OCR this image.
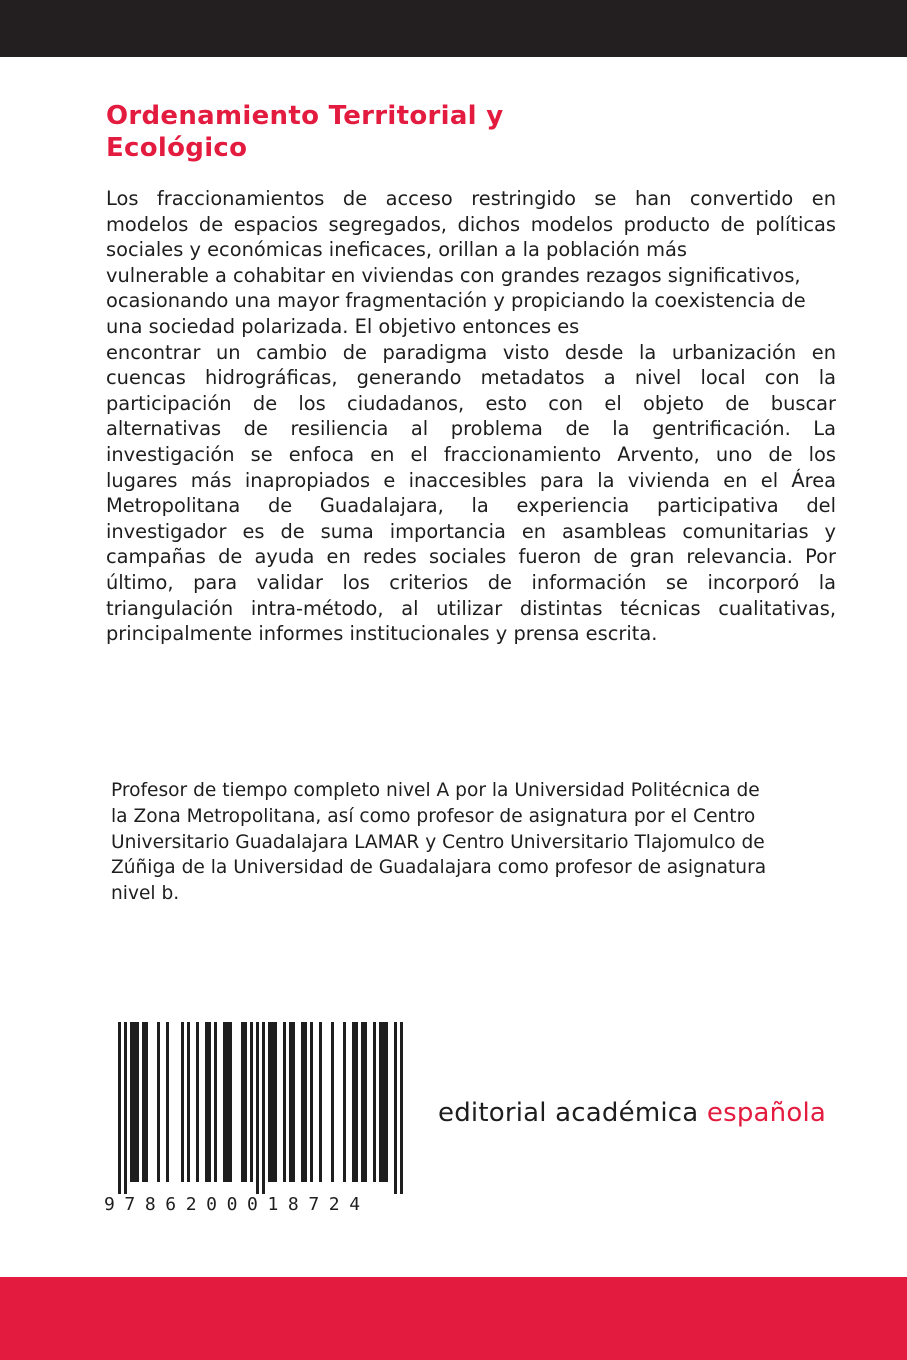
Ordenamiento Territorial y
Ecológico
Los fraccionamientos de acceso restringido se han convertido en
modelos de espacios segregados, dichos modelos producto de políticas
sociales y económicas ineficaces, orillan a la población más
vulnerable a cohabitar en viviendas con grandes rezagos significativos,
ocasionando una mayor fragmentación y propiciando la coexistencia de
una sociedad polarizada. El objetivo entonces es
encontrar un cambio de paradigma visto desde la urbanización en
cuencas hidrográficas, generando metadatos a nivel local con la
participación de los ciudadanos, esto con el objeto de buscar
alternativas de resiliencia al problema de la gentrificación. La
investigación se enfoca en el fraccionamiento Arvento, uno de los
lugares más inapropiados e inaccesibles para la vivienda en el Área
Metropolitana de Guadalajara, la experiencia participativa del
investigador es de suma importancia en asambleas comunitarias y
campañas de ayuda en redes sociales fueron de gran relevancia. Por
último, para validar los criterios de información se incorporó la
triangulación intra-método, al utilizar distintas técnicas cualitativas,
principalmente informes institucionales y prensa escrita.
Profesor de tiempo completo nivel A por la Universidad Politécnica de
la Zona Metropolitana, así como profesor de asignatura por el Centro
Universitario Guadalajara LAMAR y Centro Universitario Tlajomulco de
Zúñiga de la Universidad de Guadalajara como profesor de asignatura
nivel b.
9786200018724
editorial académica española
